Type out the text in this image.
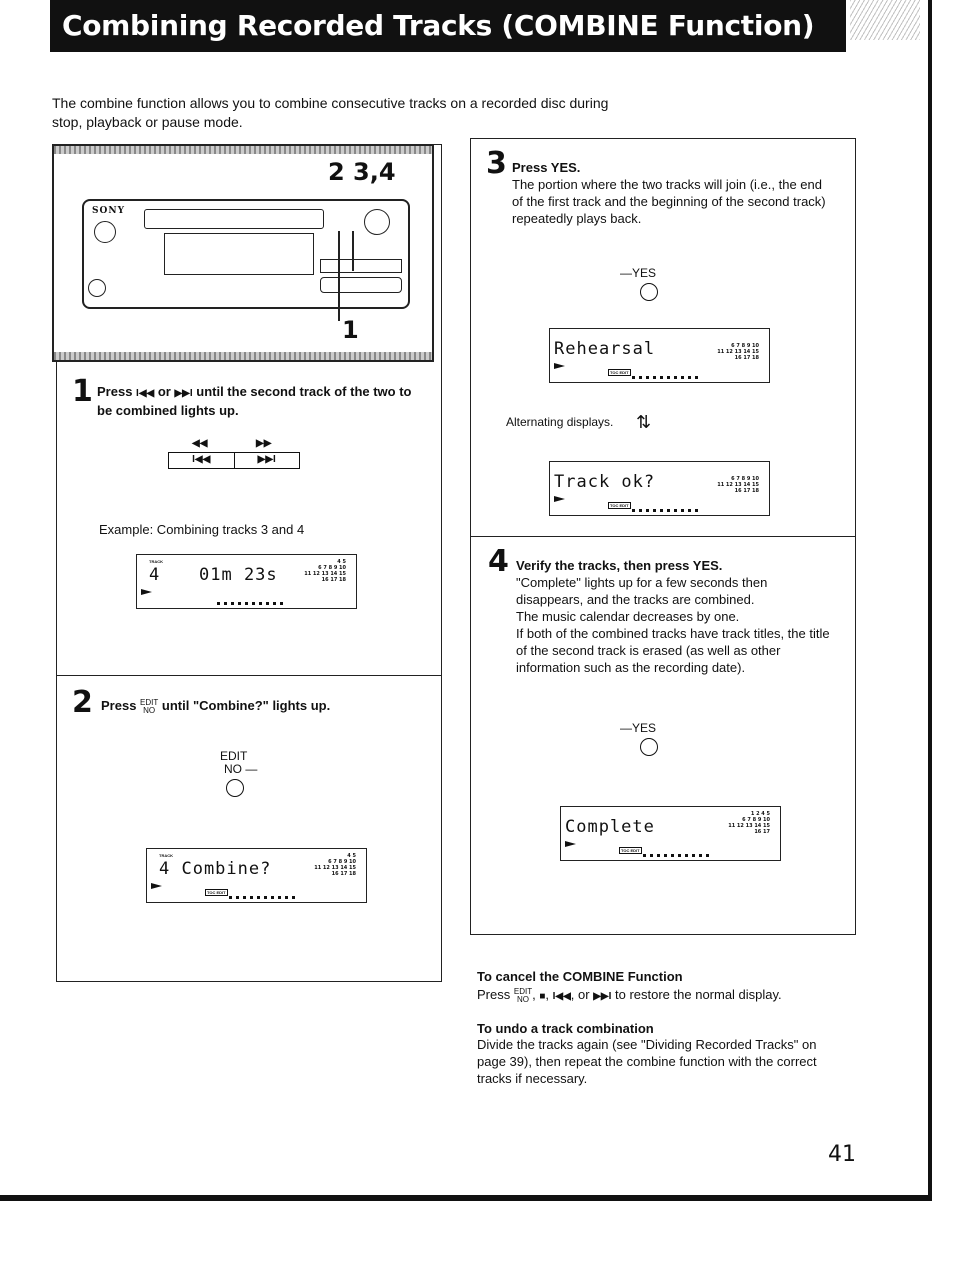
Combining Recorded Tracks (COMBINE Function)

The combine function allows you to combine consecutive tracks on a recorded disc during stop, playback or pause mode.

SONY
2 3,4
1
1 Press I◀◀ or ▶▶I until the second track of the two to be combined lights up.
◀◀	▶▶
I◀◀	▶▶I
Example: Combining tracks 3 and 4
TRACK
4 01m 23s
4 5
6 7 8 9 10
11 12 13 14 15
16 17 18
2 Press EDIT
NO until "Combine?" lights up.
EDIT
NO —
TRACK
4 Combine?
4 5
6 7 8 9 10
11 12 13 14 15
16 17 18
TOC EDIT
3 Press YES.
The portion where the two tracks will join (i.e., the end of the first track and the beginning of the second track) repeatedly plays back.
—YES
Rehearsal	6 7 8 9 10
11 12 13 14 15
16 17 18
TOC EDIT
Alternating displays. ⇅
Track ok?	6 7 8 9 10
11 12 13 14 15
16 17 18
TOC EDIT
4 Verify the tracks, then press YES.
"Complete" lights up for a few seconds then disappears, and the tracks are combined.
The music calendar decreases by one.
If both of the combined tracks have track titles, the title of the second track is erased (as well as other information such as the recording date).
—YES
Complete
1 2 4 5
6 7 8 9 10
11 12 13 14 15
16 17
TOC EDIT
To cancel the COMBINE Function
Press EDIT
NO , ■, I◀◀, or ▶▶I to restore the normal display.
To undo a track combination
Divide the tracks again (see "Dividing Recorded Tracks" on page 39), then repeat the combine function with the correct tracks if necessary.
41
